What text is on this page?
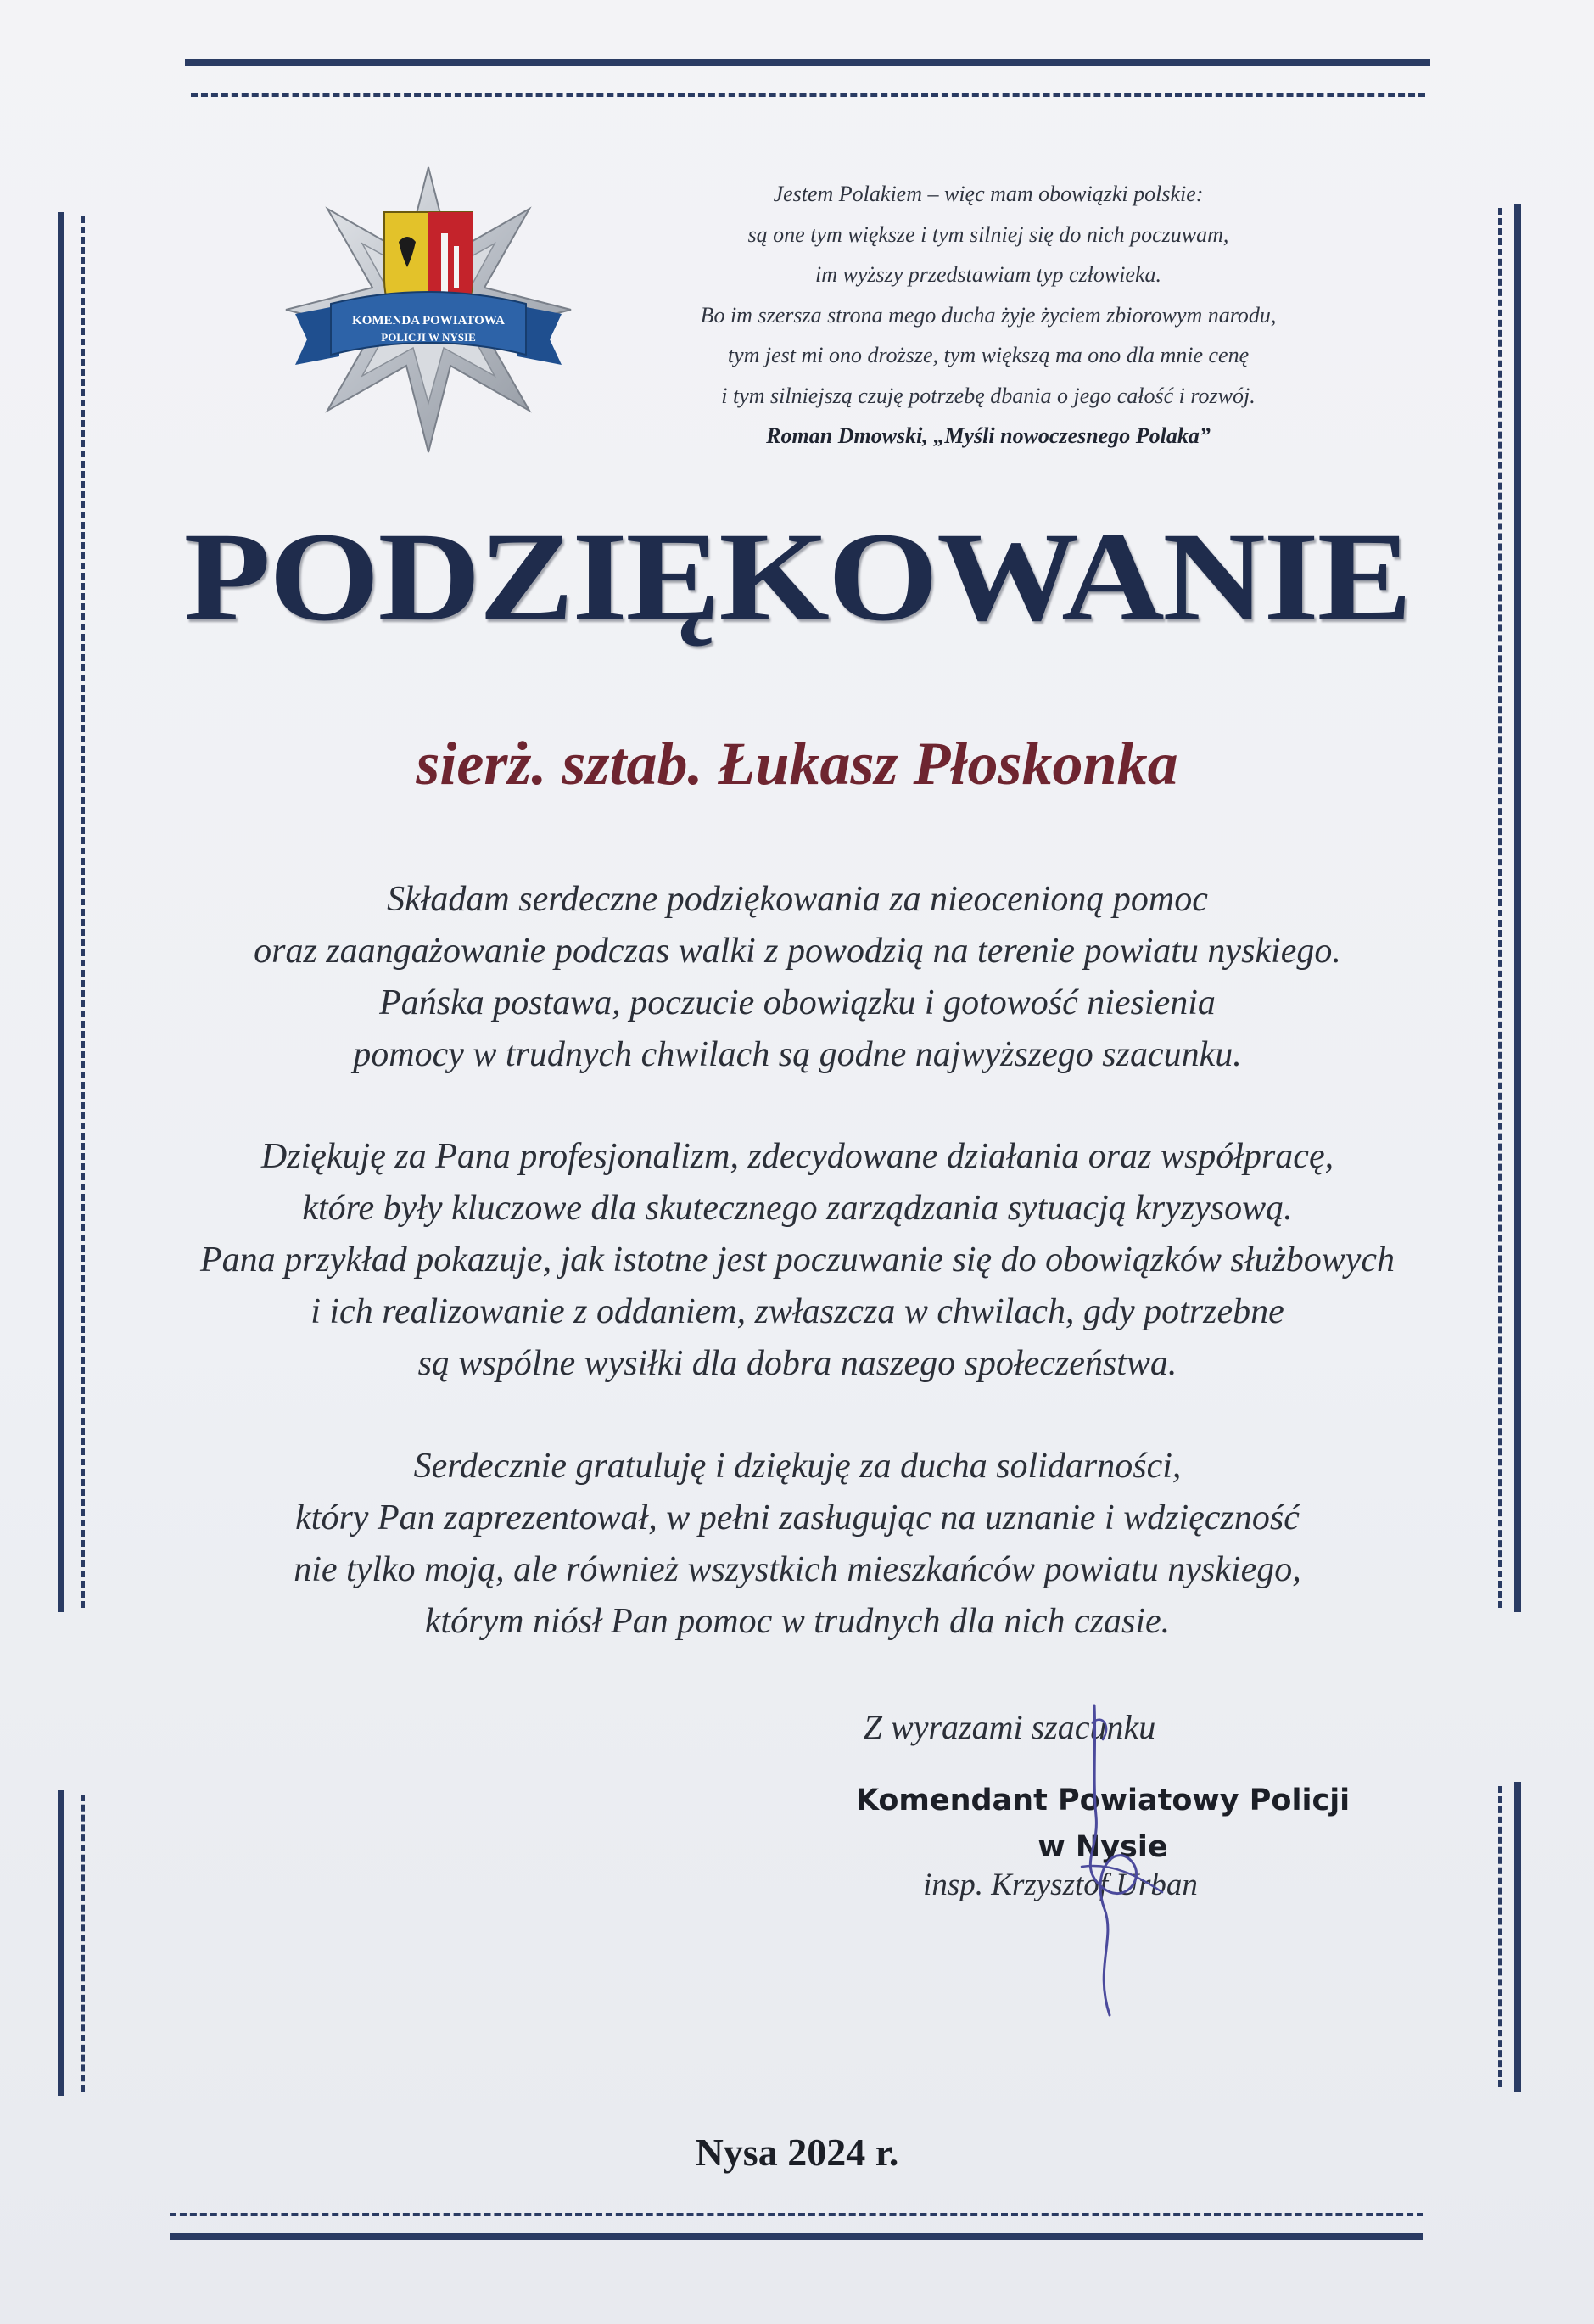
KOMENDA POWIATOWA
POLICJI W NYSIE
Jestem Polakiem – więc mam obowiązki polskie:
są one tym większe i tym silniej się do nich poczuwam,
im wyższy przedstawiam typ człowieka.
Bo im szersza strona mego ducha żyje życiem zbiorowym narodu,
tym jest mi ono droższe, tym większą ma ono dla mnie cenę
i tym silniejszą czuję potrzebę dbania o jego całość i rozwój.
Roman Dmowski, „Myśli nowoczesnego Polaka”
PODZIĘKOWANIE
sierż. sztab. Łukasz Płoskonka
Składam serdeczne podziękowania za nieocenioną pomoc
oraz zaangażowanie podczas walki z powodzią na terenie powiatu nyskiego.
Pańska postawa, poczucie obowiązku i gotowość niesienia
pomocy w trudnych chwilach są godne najwyższego szacunku.
Dziękuję za Pana profesjonalizm, zdecydowane działania oraz współpracę,
które były kluczowe dla skutecznego zarządzania sytuacją kryzysową.
Pana przykład pokazuje, jak istotne jest poczuwanie się do obowiązków służbowych
i ich realizowanie z oddaniem, zwłaszcza w chwilach, gdy potrzebne
są wspólne wysiłki dla dobra naszego społeczeństwa.
Serdecznie gratuluję i dziękuję za ducha solidarności,
który Pan zaprezentował, w pełni zasługując na uznanie i wdzięczność
nie tylko moją, ale również wszystkich mieszkańców powiatu nyskiego,
którym niósł Pan pomoc w trudnych dla nich czasie.
Z wyrazami szacunku
Komendant Powiatowy Policji
w Nysie
insp. Krzysztof Urban
Nysa 2024 r.
